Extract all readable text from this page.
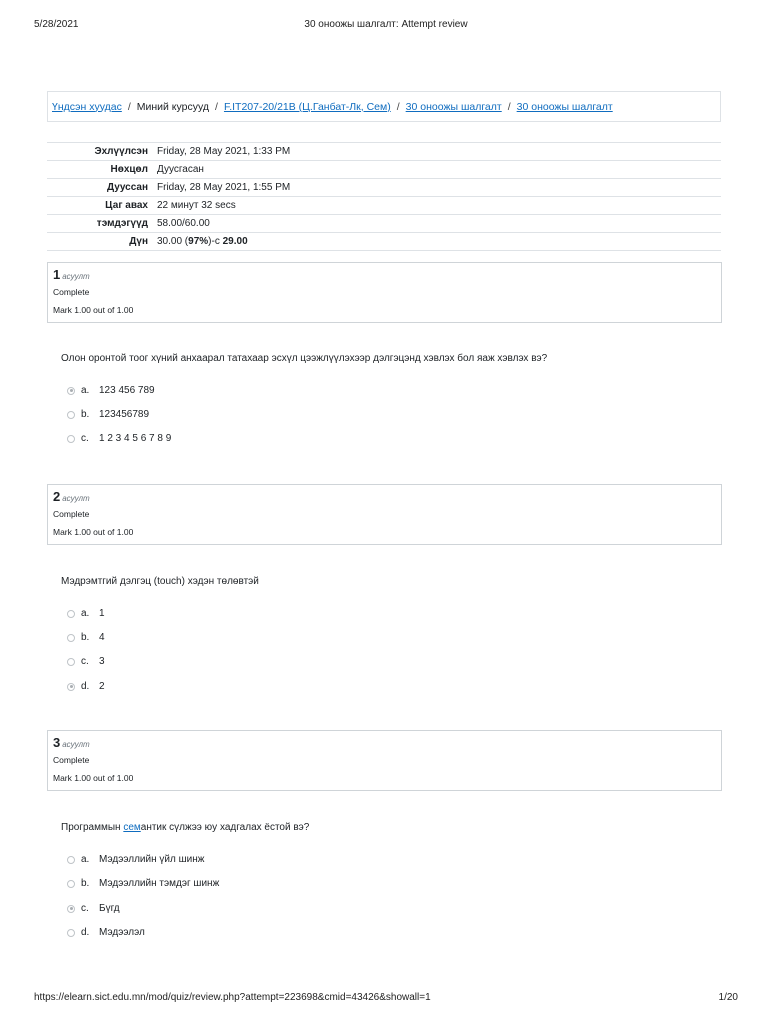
5/28/2021	30 оноожы шалгалт: Attempt review
Үндсэн хуудас / Миний курсууд / F.IT207-20/21B (Ц.Ганбат-Лк, Сем) / 30 оноожы шалгалт / 30 оноожы шалгалт
Эхлүүлсэн	Friday, 28 May 2021, 1:33 PM
Нөхцөл	Дуусгасан
Дууссан	Friday, 28 May 2021, 1:55 PM
Цаг авах	22 минут 32 secs
тэмдэгүүд	58.00/60.00
Дүн	30.00 (97%)-с 29.00
1 асуулт
Complete
Mark 1.00 out of 1.00
Олон оронтой тоог хүний анхаарал татахаар эсхүл цээжлүүлэхээр дэлгэцэнд хэвлэх бол яаж хэвлэх вэ?
a. 123 456 789
b. 123456789
c.	1 2 3 4 5 6 7 8 9
2 асуулт
Complete
Mark 1.00 out of 1.00
Мэдрэмтгий дэлгэц (touch) хэдэн төлөвтэй
a. 1
b. 4
c.	3
d. 2
3 асуулт
Complete
Mark 1.00 out of 1.00
Программын семантик сүлжээ юу хадгалах ёстой вэ?
a. Мэдээллийн үйл шинж
b. Мэдээллийн тэмдэг шинж
c.	Бүгд
d. Мэдээлэл
https://elearn.sict.edu.mn/mod/quiz/review.php?attempt=223698&cmid=43426&showall=1	1/20
